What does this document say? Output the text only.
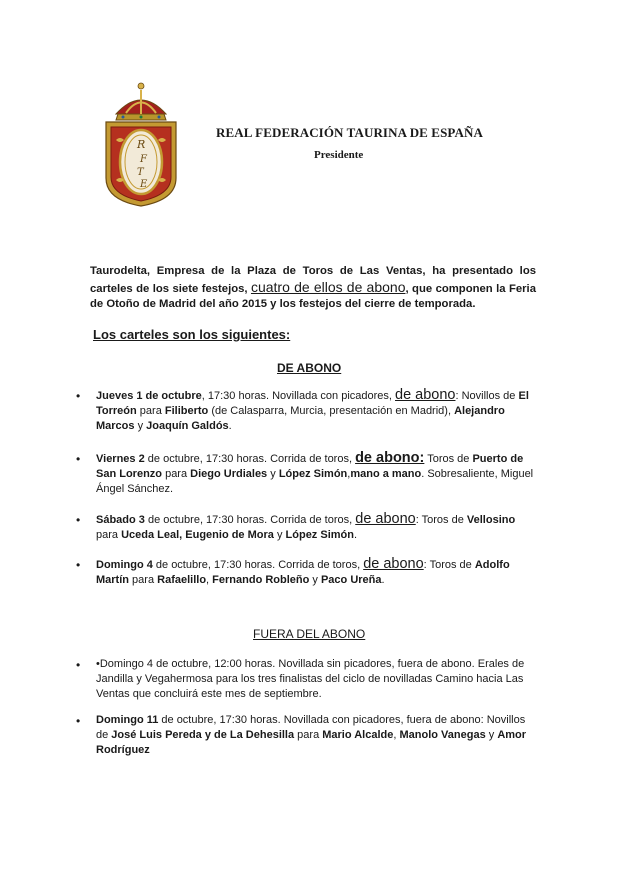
R
F
T
E
REAL FEDERACIÓN TAURINA DE ESPAÑA
Presidente

Taurodelta, Empresa de la Plaza de Toros de Las Ventas, ha presentado los carteles de los siete festejos, cuatro de ellos de abono, que componen la Feria de Otoño de Madrid del año 2015 y los festejos del cierre de temporada.

Los carteles son los siguientes:
DE ABONO
• Jueves 1 de octubre, 17:30 horas. Novillada con picadores, de abono: Novillos de El Torreón para Filiberto (de Calasparra, Murcia, presentación en Madrid), Alejandro Marcos y Joaquín Galdós.
• Viernes 2 de octubre, 17:30 horas. Corrida de toros, de abono: Toros de Puerto de San Lorenzo para Diego Urdiales y López Simón,mano a mano. Sobresaliente, Miguel Ángel Sánchez.
• Sábado 3 de octubre, 17:30 horas. Corrida de toros, de abono: Toros de Vellosino para Uceda Leal, Eugenio de Mora y López Simón.
• Domingo 4 de octubre, 17:30 horas. Corrida de toros, de abono: Toros de Adolfo Martín para Rafaelillo, Fernando Robleño y Paco Ureña.
FUERA DEL ABONO
• •Domingo 4 de octubre, 12:00 horas. Novillada sin picadores, fuera de abono. Erales de Jandilla y Vegahermosa para los tres finalistas del ciclo de novilladas Camino hacia Las Ventas que concluirá este mes de septiembre.
• Domingo 11 de octubre, 17:30 horas. Novillada con picadores, fuera de abono: Novillos de José Luis Pereda y de La Dehesilla para Mario Alcalde, Manolo Vanegas y Amor Rodríguez
